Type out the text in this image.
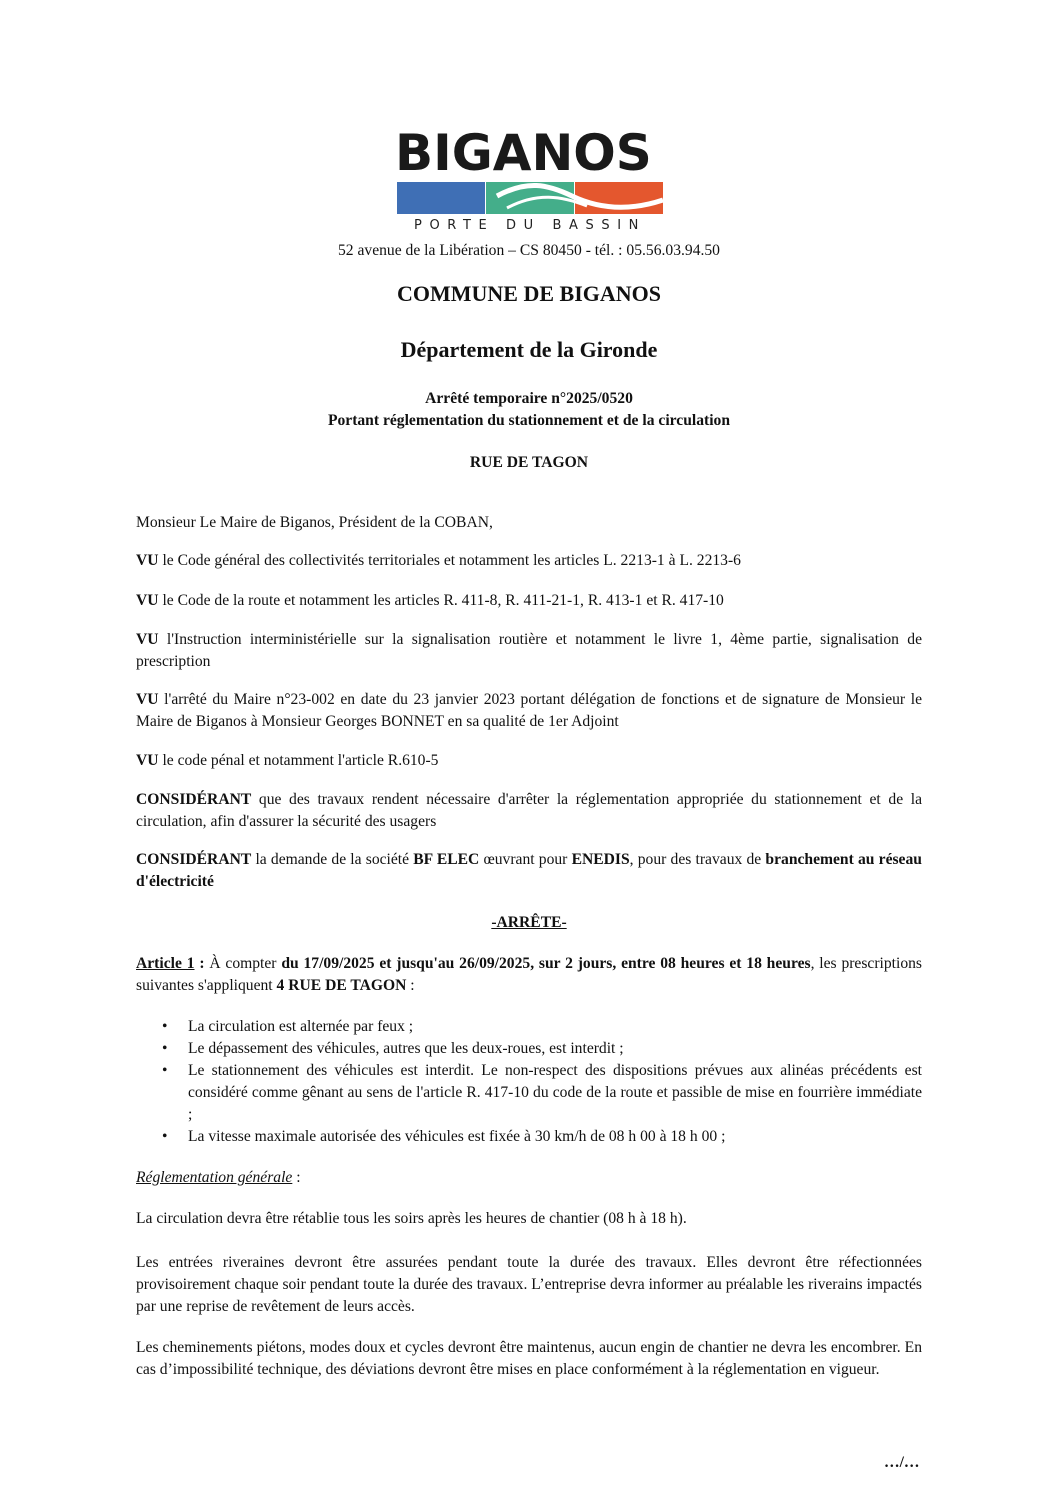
BIGANOS
PORTE DU BASSIN
52 avenue de la Libération – CS 80450 - tél. : 05.56.03.94.50
COMMUNE DE BIGANOS
Département de la Gironde
Arrêté temporaire n°2025/0520
Portant réglementation du stationnement et de la circulation
RUE DE TAGON
Monsieur Le Maire de Biganos, Président de la COBAN,
VU le Code général des collectivités territoriales et notamment les articles L. 2213-1 à L. 2213-6
VU le Code de la route et notamment les articles R. 411-8, R. 411-21-1, R. 413-1 et R. 417-10
VU l'Instruction interministérielle sur la signalisation routière et notamment le livre 1, 4ème partie, signalisation de prescription
VU l'arrêté du Maire n°23-002 en date du 23 janvier 2023 portant délégation de fonctions et de signature de Monsieur le Maire de Biganos à Monsieur Georges BONNET en sa qualité de 1er Adjoint
VU le code pénal et notamment l'article R.610-5
CONSIDÉRANT que des travaux rendent nécessaire d'arrêter la réglementation appropriée du stationnement et de la circulation, afin d'assurer la sécurité des usagers
CONSIDÉRANT la demande de la société BF ELEC œuvrant pour ENEDIS, pour des travaux de branchement au réseau d'électricité
-ARRÊTE-
Article 1 : À compter du 17/09/2025 et jusqu'au 26/09/2025, sur 2 jours, entre 08 heures et 18 heures, les prescriptions suivantes s'appliquent 4 RUE DE TAGON :
• La circulation est alternée par feux ;
• Le dépassement des véhicules, autres que les deux-roues, est interdit ;
• Le stationnement des véhicules est interdit. Le non-respect des dispositions prévues aux alinéas précédents est considéré comme gênant au sens de l'article R. 417-10 du code de la route et passible de mise en fourrière immédiate ;
• La vitesse maximale autorisée des véhicules est fixée à 30 km/h de 08 h 00 à 18 h 00 ;
Réglementation générale :
La circulation devra être rétablie tous les soirs après les heures de chantier (08 h à 18 h).
Les entrées riveraines devront être assurées pendant toute la durée des travaux. Elles devront être réfectionnées provisoirement chaque soir pendant toute la durée des travaux. L’entreprise devra informer au préalable les riverains impactés par une reprise de revêtement de leurs accès.
Les cheminements piétons, modes doux et cycles devront être maintenus, aucun engin de chantier ne devra les encombrer. En cas d’impossibilité technique, des déviations devront être mises en place conformément à la réglementation en vigueur.
…/…
